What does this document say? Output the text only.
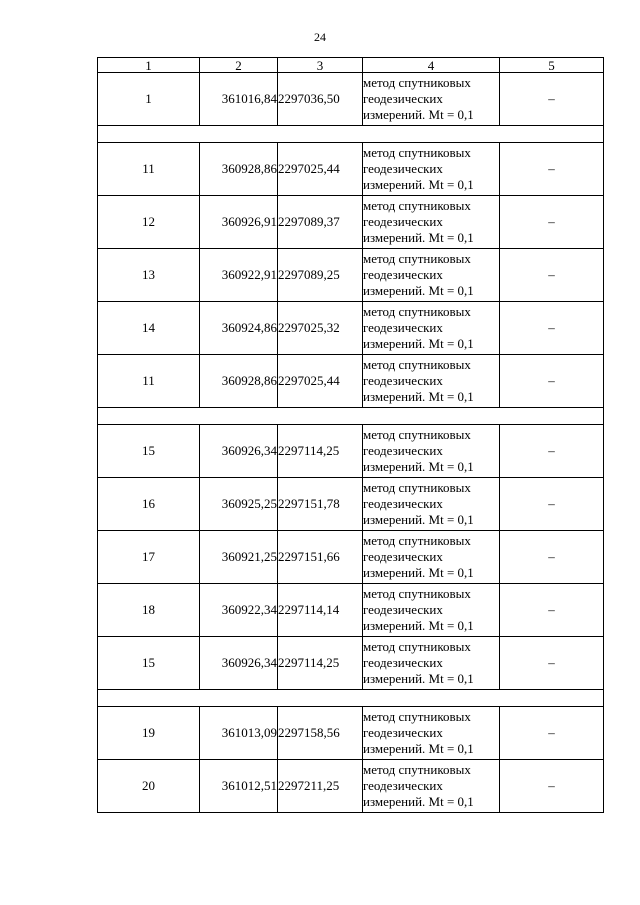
24
1	2	3	4	5
1	361016,84	2297036,50	метод спутниковых
геодезических
измерений. Mt = 0,1	–

11	360928,86	2297025,44	метод спутниковых
геодезических
измерений. Mt = 0,1	–
12	360926,91	2297089,37	метод спутниковых
геодезических
измерений. Mt = 0,1	–
13	360922,91	2297089,25	метод спутниковых
геодезических
измерений. Mt = 0,1	–
14	360924,86	2297025,32	метод спутниковых
геодезических
измерений. Mt = 0,1	–
11	360928,86	2297025,44	метод спутниковых
геодезических
измерений. Mt = 0,1	–

15	360926,34	2297114,25	метод спутниковых
геодезических
измерений. Mt = 0,1	–
16	360925,25	2297151,78	метод спутниковых
геодезических
измерений. Mt = 0,1	–
17	360921,25	2297151,66	метод спутниковых
геодезических
измерений. Mt = 0,1	–
18	360922,34	2297114,14	метод спутниковых
геодезических
измерений. Mt = 0,1	–
15	360926,34	2297114,25	метод спутниковых
геодезических
измерений. Mt = 0,1	–

19	361013,09	2297158,56	метод спутниковых
геодезических
измерений. Mt = 0,1	–
20	361012,51	2297211,25	метод спутниковых
геодезических
измерений. Mt = 0,1	–
